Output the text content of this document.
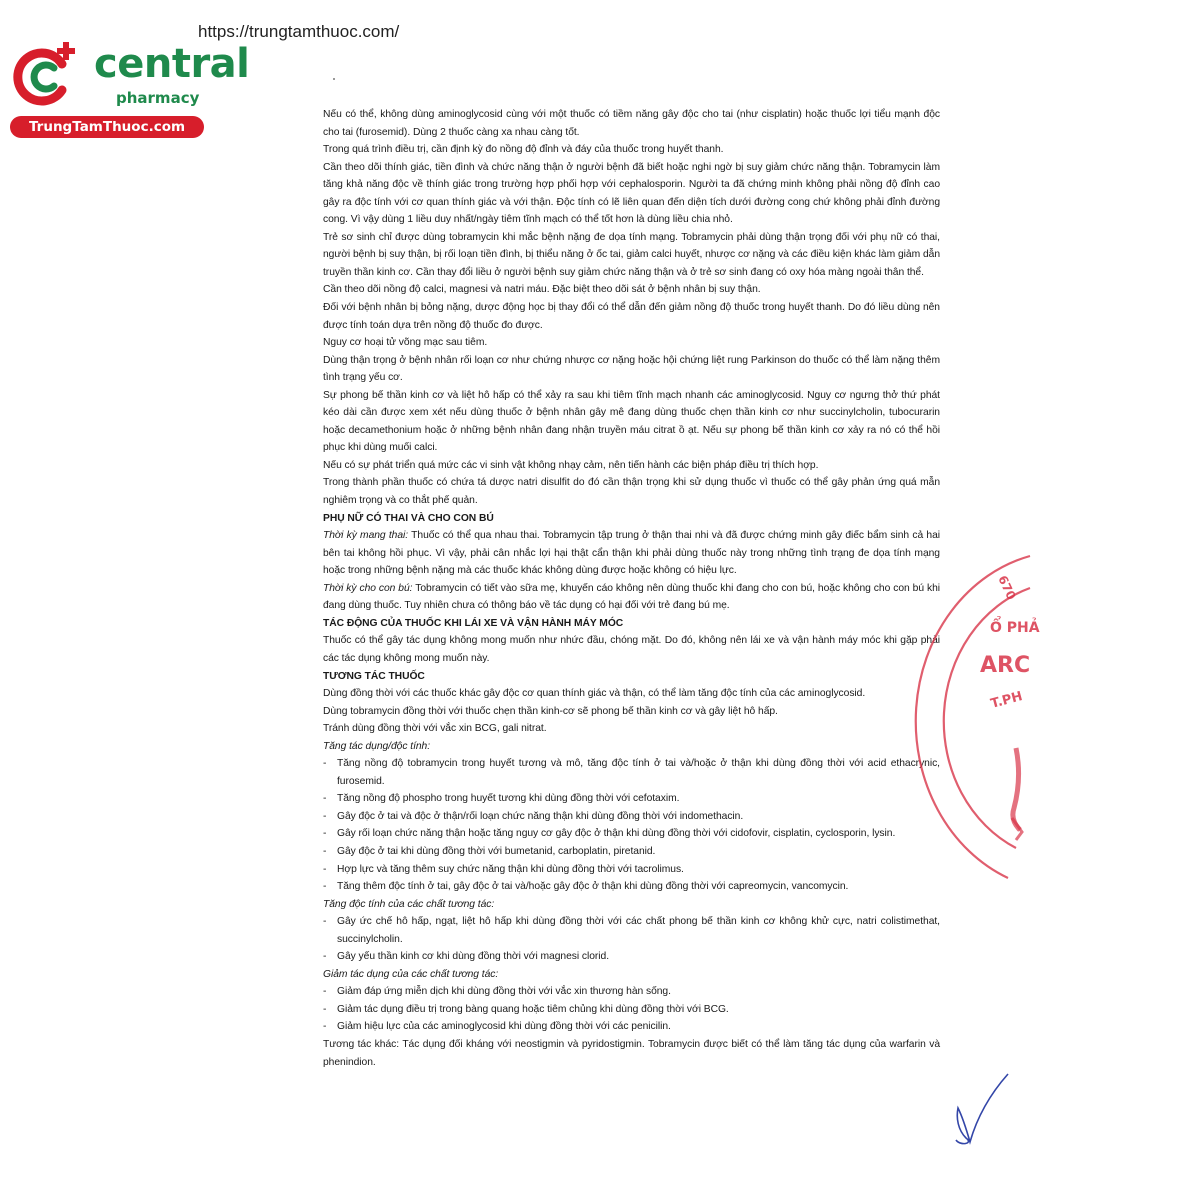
https://trungtamthuoc.com/
central
pharmacy
TrungTamThuoc.com

Nếu có thể, không dùng aminoglycosid cùng với một thuốc có tiềm năng gây độc cho tai (như cisplatin) hoặc thuốc lợi tiểu mạnh độc cho tai (furosemid). Dùng 2 thuốc càng xa nhau càng tốt.

Trong quá trình điều trị, cần định kỳ đo nồng độ đỉnh và đáy của thuốc trong huyết thanh.

Cần theo dõi thính giác, tiền đình và chức năng thận ở người bệnh đã biết hoặc nghi ngờ bị suy giảm chức năng thận. Tobramycin làm tăng khả năng độc về thính giác trong trường hợp phối hợp với cephalosporin. Người ta đã chứng minh không phải nồng độ đỉnh cao gây ra độc tính với cơ quan thính giác và với thận. Độc tính có lẽ liên quan đến diện tích dưới đường cong chứ không phải đỉnh đường cong. Vì vậy dùng 1 liều duy nhất/ngày tiêm tĩnh mạch có thể tốt hơn là dùng liều chia nhỏ.

Trẻ sơ sinh chỉ được dùng tobramycin khi mắc bệnh nặng đe dọa tính mạng. Tobramycin phải dùng thận trọng đối với phụ nữ có thai, người bệnh bị suy thận, bị rối loạn tiền đình, bị thiểu năng ở ốc tai, giảm calci huyết, nhược cơ nặng và các điều kiện khác làm giảm dẫn truyền thần kinh cơ. Cần thay đổi liều ở người bệnh suy giảm chức năng thận và ở trẻ sơ sinh đang có oxy hóa màng ngoài thân thể.

Cần theo dõi nồng độ calci, magnesi và natri máu. Đặc biệt theo dõi sát ở bệnh nhân bị suy thận.

Đối với bệnh nhân bị bỏng nặng, dược động học bị thay đổi có thể dẫn đến giảm nồng độ thuốc trong huyết thanh. Do đó liều dùng nên được tính toán dựa trên nồng độ thuốc đo được.

Nguy cơ hoại tử võng mạc sau tiêm.

Dùng thận trọng ở bệnh nhân rối loạn cơ như chứng nhược cơ nặng hoặc hội chứng liệt rung Parkinson do thuốc có thể làm nặng thêm tình trạng yếu cơ.

Sự phong bế thần kinh cơ và liệt hô hấp có thể xảy ra sau khi tiêm tĩnh mạch nhanh các aminoglycosid. Nguy cơ ngưng thở thứ phát kéo dài cần được xem xét nếu dùng thuốc ở bệnh nhân gây mê đang dùng thuốc chẹn thần kinh cơ như succinylcholin, tubocurarin hoặc decamethonium hoặc ở những bệnh nhân đang nhận truyền máu citrat ồ ạt. Nếu sự phong bế thần kinh cơ xảy ra nó có thể hồi phục khi dùng muối calci.

Nếu có sự phát triển quá mức các vi sinh vật không nhạy cảm, nên tiến hành các biện pháp điều trị thích hợp.

Trong thành phần thuốc có chứa tá dược natri disulfit do đó cần thận trọng khi sử dụng thuốc vì thuốc có thể gây phản ứng quá mẫn nghiêm trọng và co thắt phế quản.

PHỤ NỮ CÓ THAI VÀ CHO CON BÚ

Thời kỳ mang thai: Thuốc có thể qua nhau thai. Tobramycin tập trung ở thận thai nhi và đã được chứng minh gây điếc bẩm sinh cả hai bên tai không hồi phục. Vì vậy, phải cân nhắc lợi hại thật cẩn thận khi phải dùng thuốc này trong những tình trạng đe dọa tính mạng hoặc trong những bệnh nặng mà các thuốc khác không dùng được hoặc không có hiệu lực.

Thời kỳ cho con bú: Tobramycin có tiết vào sữa mẹ, khuyến cáo không nên dùng thuốc khi đang cho con bú, hoặc không cho con bú khi đang dùng thuốc. Tuy nhiên chưa có thông báo về tác dụng có hại đối với trẻ đang bú mẹ.

TÁC ĐỘNG CỦA THUỐC KHI LÁI XE VÀ VẬN HÀNH MÁY MÓC

Thuốc có thể gây tác dụng không mong muốn như nhức đầu, chóng mặt. Do đó, không nên lái xe và vận hành máy móc khi gặp phải các tác dụng không mong muốn này.

TƯƠNG TÁC THUỐC

Dùng đồng thời với các thuốc khác gây độc cơ quan thính giác và thận, có thể làm tăng độc tính của các aminoglycosid.

Dùng tobramycin đồng thời với thuốc chẹn thần kinh-cơ sẽ phong bế thần kinh cơ và gây liệt hô hấp.

Tránh dùng đồng thời với vắc xin BCG, gali nitrat.

Tăng tác dụng/độc tính:

- Tăng nồng độ tobramycin trong huyết tương và mô, tăng độc tính ở tai và/hoặc ở thận khi dùng đồng thời với acid ethacrynic, furosemid.

- Tăng nồng độ phospho trong huyết tương khi dùng đồng thời với cefotaxim.

- Gây độc ở tai và độc ở thận/rối loạn chức năng thận khi dùng đồng thời với indomethacin.

- Gây rối loạn chức năng thận hoặc tăng nguy cơ gây độc ở thận khi dùng đồng thời với cidofovir, cisplatin, cyclosporin, lysin.

- Gây độc ở tai khi dùng đồng thời với bumetanid, carboplatin, piretanid.

- Hợp lực và tăng thêm suy chức năng thận khi dùng đồng thời với tacrolimus.

- Tăng thêm độc tính ở tai, gây độc ở tai và/hoặc gây độc ở thận khi dùng đồng thời với capreomycin, vancomycin.

Tăng độc tính của các chất tương tác:

- Gây ức chế hô hấp, ngạt, liệt hô hấp khi dùng đồng thời với các chất phong bế thần kinh cơ không khử cực, natri colistimethat, succinylcholin.

- Gây yếu thần kinh cơ khi dùng đồng thời với magnesi clorid.

Giảm tác dụng của các chất tương tác:

- Giảm đáp ứng miễn dịch khi dùng đồng thời với vắc xin thương hàn sống.

- Giảm tác dụng điều trị trong bàng quang hoặc tiêm chủng khi dùng đồng thời với BCG.

- Giảm hiệu lực của các aminoglycosid khi dùng đồng thời với các penicilin.

Tương tác khác: Tác dụng đối kháng với neostigmin và pyridostigmin. Tobramycin được biết có thể làm tăng tác dụng của warfarin và phenindion.

670
Ổ PHẢ
ARC
T.PH
